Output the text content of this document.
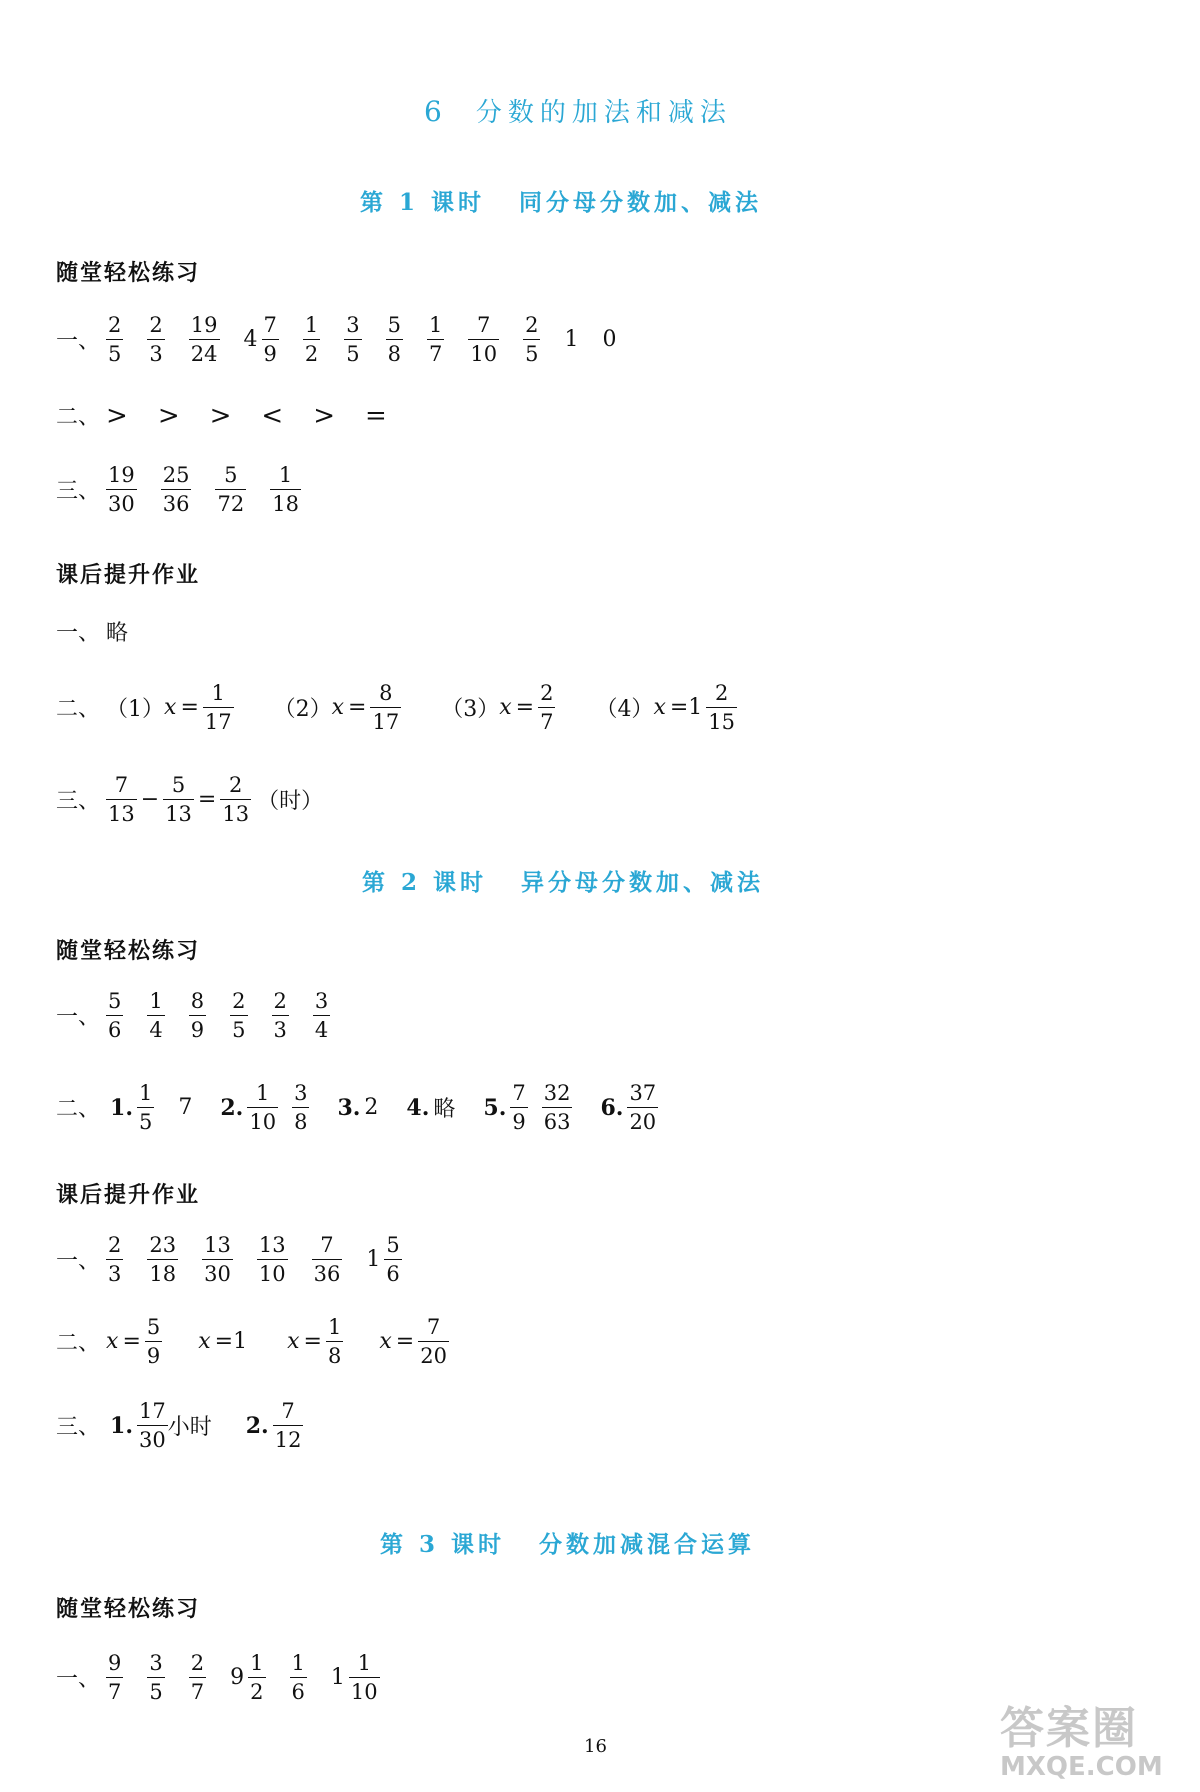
6 分数的加法和减法
第 1 课时 同分母分数加、减法
随堂轻松练习
一、 $\frac{2}{5} \frac{2}{3} \frac{19}{24} 4 \frac{7}{9} \frac{1}{2} \frac{3}{5} \frac{5}{8} \frac{1}{7} \frac{7}{10} \frac{2}{5} 1$ 0
二、 > > > < > =
三、 $\frac{19}{30} \frac{25}{36} \frac{5}{72} \frac{1}{18}$
课后提升作业
一、 略
二、 （1） $x = \frac{1}{17} (2) x = \frac{8}{17} (3) x = \frac{2}{7} (4)$ $x =1 \frac{2}{15}$
三、 $\frac{7}{13} - \frac{5}{13} = \frac{2}{13}$ （时）
第 2 课时 异分母分数加、减法
随堂轻松练习
一、 $\frac{5}{6} \frac{1}{4} \frac{8}{9} \frac{2}{5} \frac{2}{3} \frac{3}{4}$
二、 1. $\frac{1}{5} 7$ 2. $\frac{1}{10} \frac{3}{8} 3$. 2 4. 略 5. $\frac{7}{9} \frac{32}{63} 6$. $\frac{37}{20}$
课后提升作业
一、 $\frac{2}{3} \frac{23}{18} \frac{13}{30} \frac{13}{10} \frac{7}{36} 1 \frac{5}{6}$
二、 $x = \frac{5}{9}$ x =1 $x = \frac{1}{8}$ $x = \frac{7}{20}$
三、 1. $\frac{17}{30}$ 小时 2. $\frac{7}{12}$
第 3 课时 分数加减混合运算
随堂轻松练习
一、 $\frac{9}{7} \frac{3}{5} \frac{2}{7} 9 \frac{1}{2} \frac{1}{6} 1 \frac{1}{10}$
16	答案圈
MXQE.COM
